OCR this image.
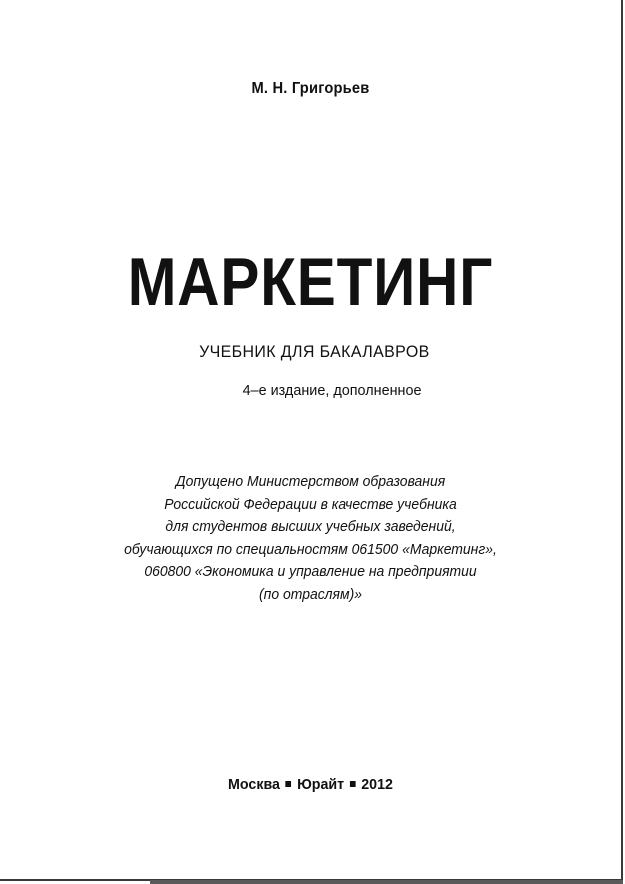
М. Н. Григорьев
МАРКЕТИНГ
УЧЕБНИК ДЛЯ БАКАЛАВРОВ
4–е издание, дополненное
Допущено Министерством образования
Российской Федерации в качестве учебника
для студентов высших учебных заведений,
обучающихся по специальностям 061500 «Маркетинг»,
060800 «Экономика и управление на предприятии
(по отраслям)»
Москва Юрайт 2012
